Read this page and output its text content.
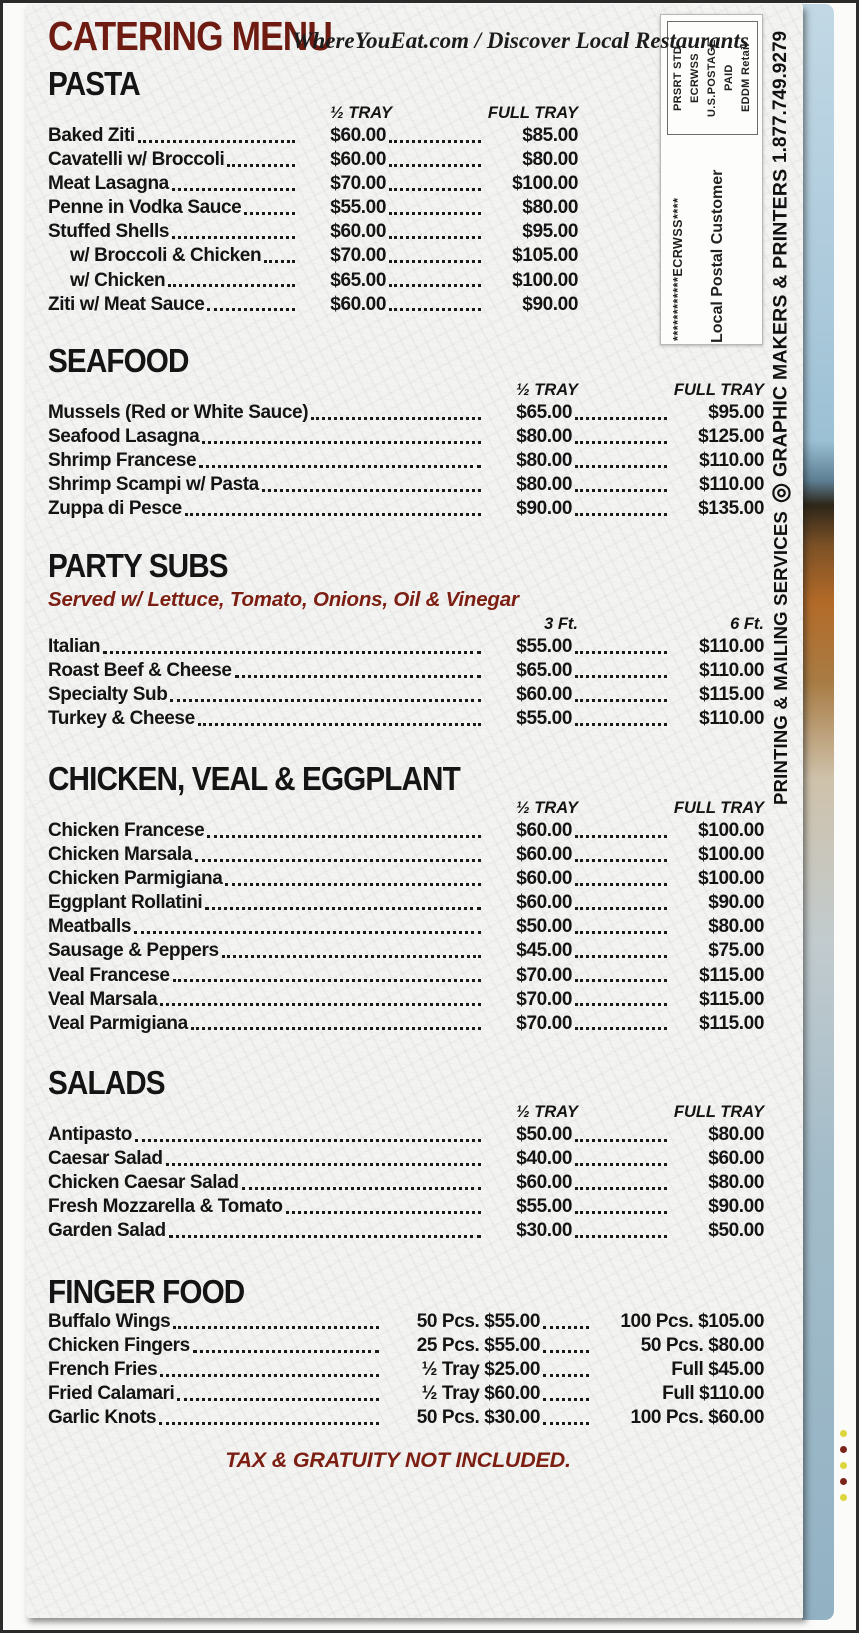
CATERING MENU
WhereYouEat.com / Discover Local Restaurants
PRSRT STD ECRWSS U.S.POSTAGE PAID EDDM Retail
************ECRWSS**** Local Postal Customer
PRINTING & MAILING SERVICES
◎
GRAPHIC MAKERS & PRINTERS
1.877.749.9279
PASTA
½ TRAY	FULL TRAY
Baked Ziti	$60.00	$85.00
Cavatelli w/ Broccoli	$60.00	$80.00
Meat Lasagna	$70.00	$100.00
Penne in Vodka Sauce	$55.00	$80.00
Stuffed Shells	$60.00	$95.00
w/ Broccoli & Chicken	$70.00	$105.00
w/ Chicken	$65.00	$100.00
Ziti w/ Meat Sauce	$60.00	$90.00
SEAFOOD
½ TRAY	FULL TRAY
Mussels (Red or White Sauce)	$65.00	$95.00
Seafood Lasagna	$80.00	$125.00
Shrimp Francese	$80.00	$110.00
Shrimp Scampi w/ Pasta	$80.00	$110.00
Zuppa di Pesce	$90.00	$135.00
PARTY SUBS

Served w/ Lettuce, Tomato, Onions, Oil & Vinegar

3 Ft.	6 Ft.
Italian	$55.00	$110.00
Roast Beef & Cheese	$65.00	$110.00
Specialty Sub	$60.00	$115.00
Turkey & Cheese	$55.00	$110.00
CHICKEN, VEAL & EGGPLANT
½ TRAY	FULL TRAY
Chicken Francese	$60.00	$100.00
Chicken Marsala	$60.00	$100.00
Chicken Parmigiana	$60.00	$100.00
Eggplant Rollatini	$60.00	$90.00
Meatballs	$50.00	$80.00
Sausage & Peppers	$45.00	$75.00
Veal Francese	$70.00	$115.00
Veal Marsala	$70.00	$115.00
Veal Parmigiana	$70.00	$115.00
SALADS
½ TRAY	FULL TRAY
Antipasto	$50.00	$80.00
Caesar Salad	$40.00	$60.00
Chicken Caesar Salad	$60.00	$80.00
Fresh Mozzarella & Tomato	$55.00	$90.00
Garden Salad	$30.00	$50.00
FINGER FOOD
Buffalo Wings	50 Pcs. $55.00	100 Pcs. $105.00
Chicken Fingers	25 Pcs. $55.00	50 Pcs. $80.00
French Fries	½ Tray $25.00	Full $45.00
Fried Calamari	½ Tray $60.00	Full $110.00
Garlic Knots	50 Pcs. $30.00	100 Pcs. $60.00
TAX & GRATUITY NOT INCLUDED.
